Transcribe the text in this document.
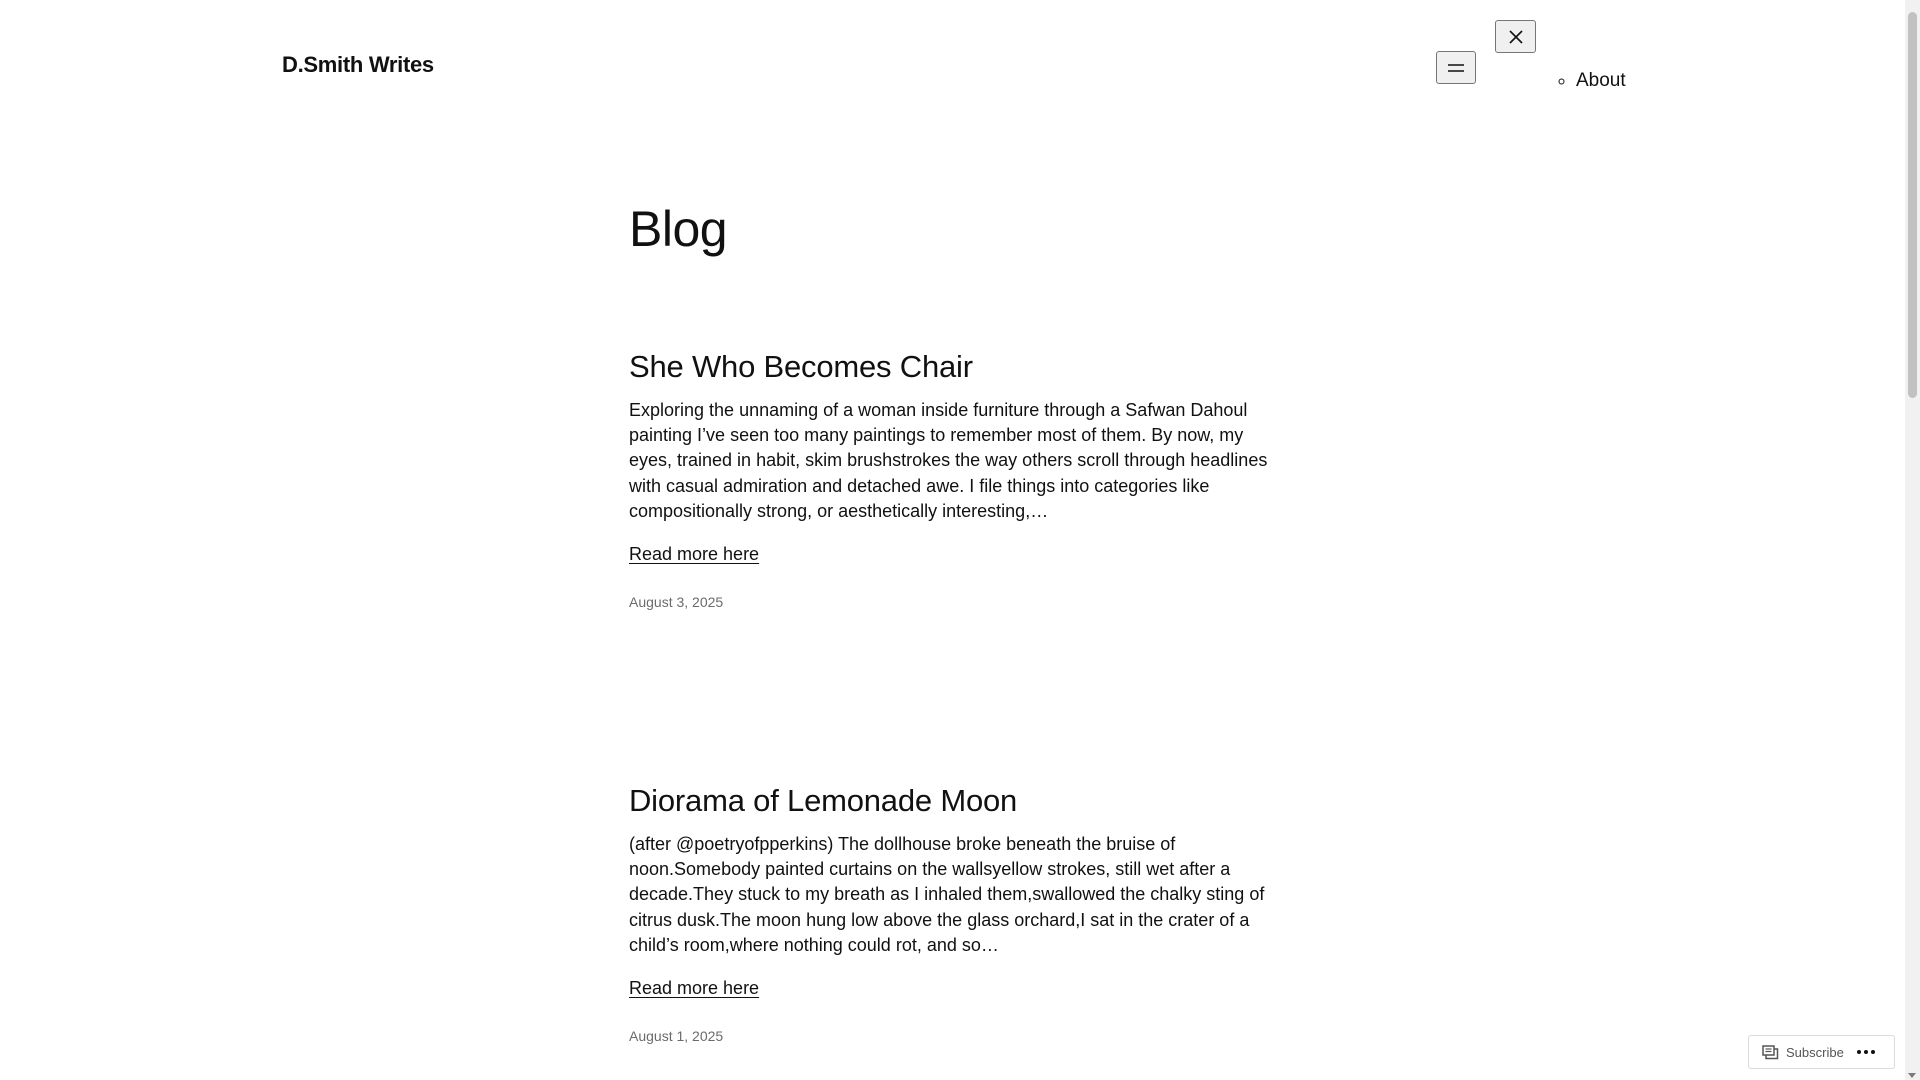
D.Smith Writes
◦ About
Blog
She Who Becomes Chair

Exploring the unnaming of a woman inside furniture through a Safwan Dahoul painting I’ve seen too many paintings to remember most of them. By now, my eyes, trained in habit, skim brushstrokes the way others scroll through headlines with casual admiration and detached awe. I file things into categories like compositionally strong, or aesthetically interesting,…

Read more here
August 3, 2025
Diorama of Lemonade Moon

(after @poetryofpperkins) The dollhouse broke beneath the bruise of noon.Somebody painted curtains on the wallsyellow strokes, still wet after a decade.They stuck to my breath as I inhaled them,swallowed the chalky sting of citrus dusk.The moon hung low above the glass orchard,I sat in the crater of a child’s room,where nothing could rot, and so…

Read more here
August 1, 2025
Subscribe
